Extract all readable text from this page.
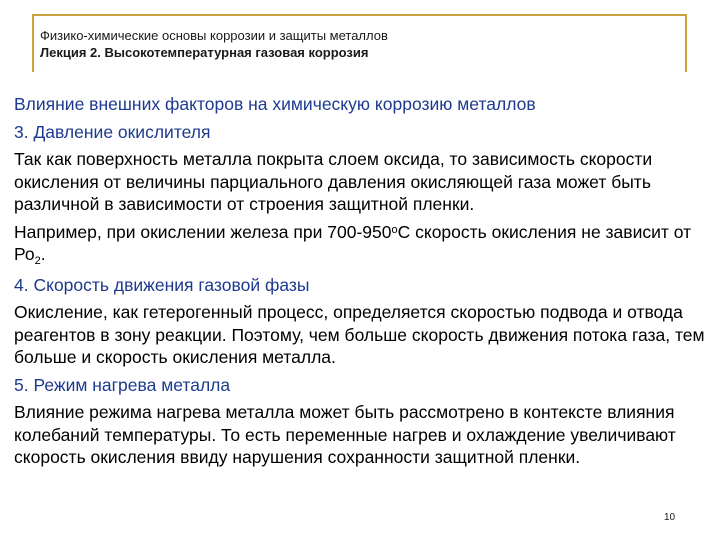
Физико-химические основы коррозии и защиты металлов
Лекция 2. Высокотемпературная газовая коррозия

Влияние внешних факторов на химическую коррозию металлов

3. Давление окислителя

Так как поверхность металла покрыта слоем оксида, то зависимость скорости окисления от величины парциального давления окисляющей газа может быть различной в зависимости от строения защитной пленки.

Например, при окислении железа при 700-950$^o$С скорость окисления не зависит от $Ро_2$.

4. Скорость движения газовой фазы

Окисление, как гетерогенный процесс, определяется скоростью подвода и отвода реагентов в зону реакции. Поэтому, чем больше скорость движения потока газа, тем больше и скорость окисления металла.

5. Режим нагрева металла

Влияние режима нагрева металла может быть рассмотрено в контексте влияния колебаний температуры. То есть переменные нагрев и охлаждение увеличивают скорость окисления ввиду нарушения сохранности защитной пленки.

10
